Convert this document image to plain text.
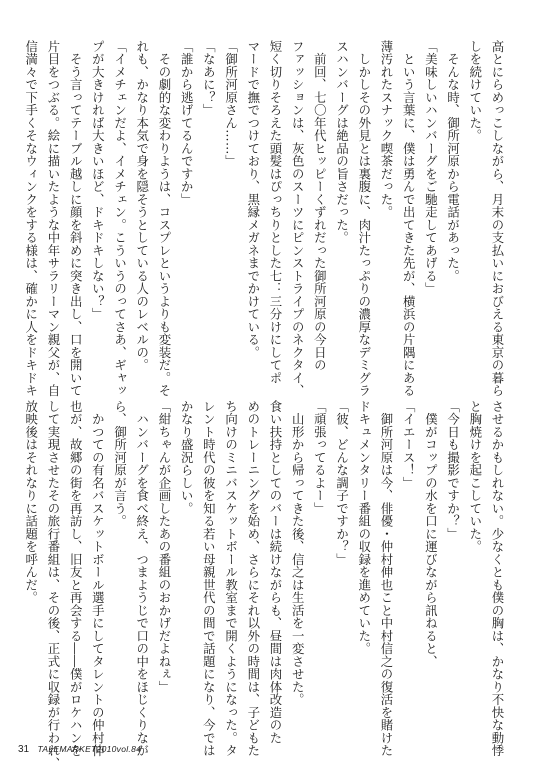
高とにらめっこしながら、月末の支払いにおびえる東京の暮ら

しを続けていた。

　そんな時、御所河原から電話があった。

「美味しいハンバーグをご馳走してあげる」

　という言葉に、僕は勇んで出てきた先が、横浜の片隅にある

薄汚れたスナック喫茶だった。

　しかしその外見とは裏腹に、肉汁たっぷりの濃厚なデミグラ

スハンバーグは絶品の旨さだった。

　前回、七〇年代ヒッピーくずれだった御所河原の今日の

ファッションは、灰色のスーツにピンストライプのネクタイ、

短く切りそろえた頭髪はぴっちりとした七：三分けにしてポ

マードで撫でつけており、黒縁メガネまでかけている。

「御所河原さん……」

「なあに？」

「誰から逃げてるんですか」

　その劇的な変わりようは、コスプレというよりも変装だ。そ

れも、かなり本気で身を隠そうとしている人のレベルの。

「イメチェンだよ、イメチェン。こういうのってさあ、ギャッ

プが大きければ大きいほど、ドキドキしない？」

　そう言ってテーブル越しに顔を斜めに突き出し、口を開いて

片目をつぶる。絵に描いたような中年サラリーマン親父が、自

信満々で下手くそなウィンクをする様は、確かに人をドキドキ

させるかもしれない。少なくとも僕の胸は、かなり不快な動悸

と胸焼けを起こしていた。

「今日も撮影ですか？」

　僕がコップの水を口に運びながら訊ねると、

「イエース！」

　御所河原は今、俳優・仲村伸也こと中村信之の復活を賭けた

ドキュメンタリー番組の収録を進めていた。

「彼、どんな調子ですか？」

「頑張ってるよー」

　山形から帰ってきた後、信之は生活を一変させた。

食い扶持としてのバーは続けながらも、昼間は肉体改造のた

めのトレーニングを始め、さらにそれ以外の時間は、子どもた

ち向けのミニバスケットボール教室まで開くようになった。タ

レント時代の彼を知る若い母親世代の間で話題になり、今では

かなり盛況らしい。

「紺ちゃんが企画したあの番組のおかげだよねぇ」

　ハンバーグを食べ終え、つまようじで口の中をほじくりなが

ら、御所河原が言う。

　かつての有名バスケットボール選手にしてタレントの仲村伸

也が、故郷の街を再訪し、旧友と再会する――僕がロケハンを

して実現させたその旅行番組は、その後、正式に収録が行われ、

放映後はそれなりに話題を呼んだ。

31 TALEMARKET2010vol.84
